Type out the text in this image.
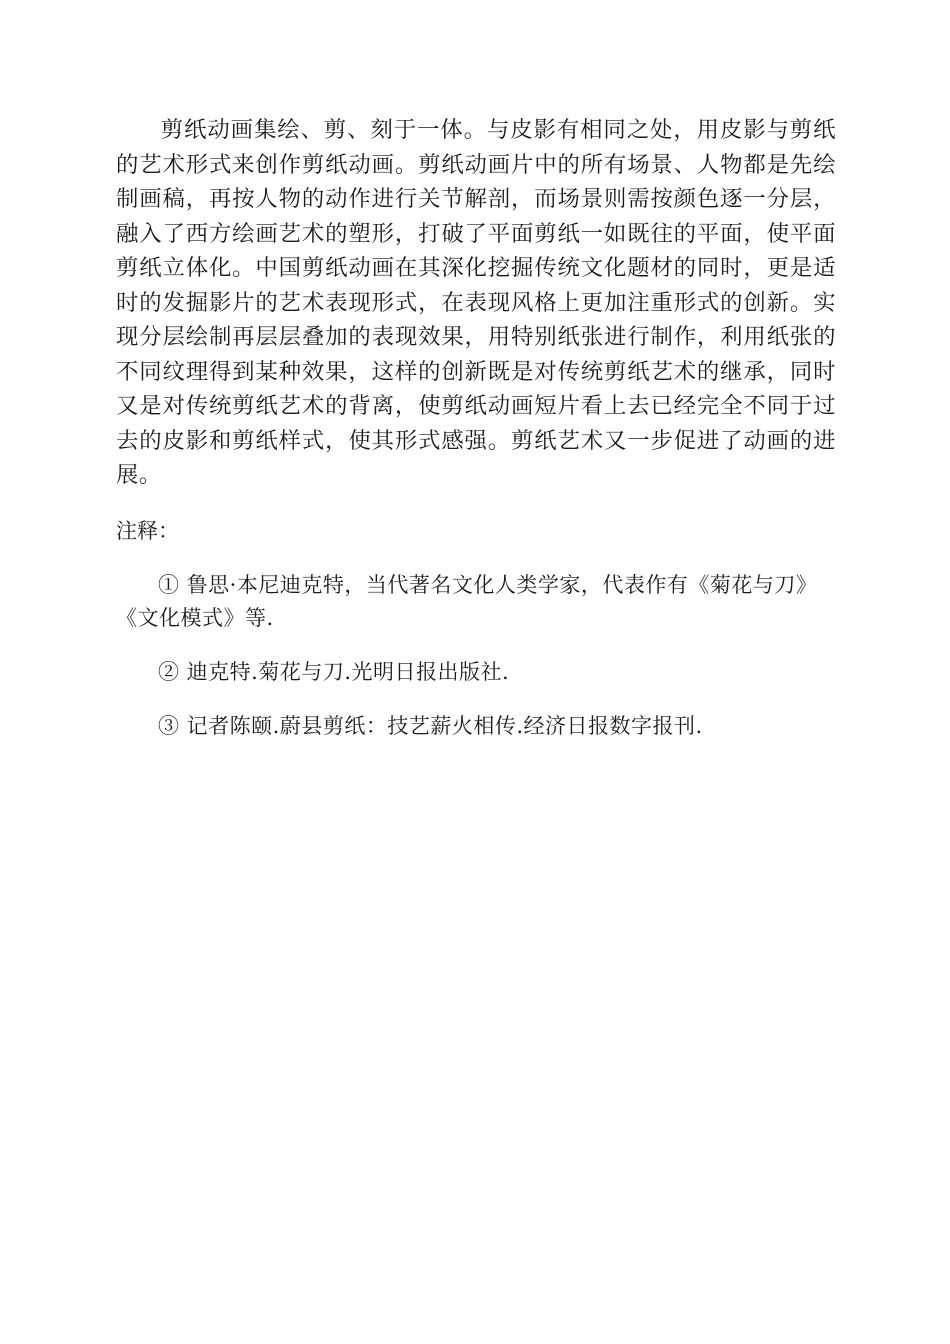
剪纸动画集绘、剪、刻于一体。与皮影有相同之处，用皮影与剪纸的艺术形式来创作剪纸动画。剪纸动画片中的所有场景、人物都是先绘制画稿，再按人物的动作进行关节解剖，而场景则需按颜色逐一分层，融入了西方绘画艺术的塑形，打破了平面剪纸一如既往的平面，使平面剪纸立体化。中国剪纸动画在其深化挖掘传统文化题材的同时，更是适时的发掘影片的艺术表现形式，在表现风格上更加注重形式的创新。实现分层绘制再层层叠加的表现效果，用特别纸张进行制作，利用纸张的不同纹理得到某种效果，这样的创新既是对传统剪纸艺术的继承，同时又是对传统剪纸艺术的背离，使剪纸动画短片看上去已经完全不同于过去的皮影和剪纸样式，使其形式感强。剪纸艺术又一步促进了动画的进展。

注释：

① 鲁思·本尼迪克特，当代著名文化人类学家，代表作有《菊花与刀》《文化模式》等.

② 迪克特.菊花与刀.光明日报出版社.

③ 记者陈颐.蔚县剪纸：技艺薪火相传.经济日报数字报刊.
